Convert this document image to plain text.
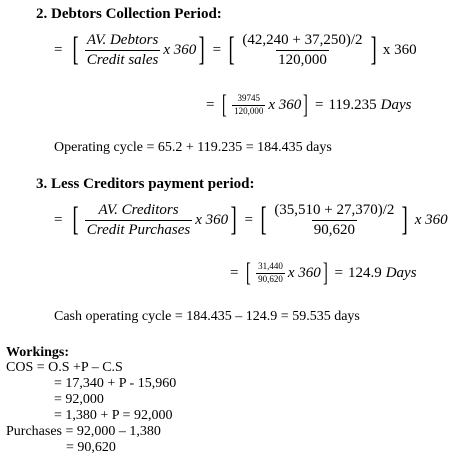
2. Debtors Collection Period:
= [ $\frac{\text{AV. Debtors}}{\text{Credit sales}}$ x 360 ] = [ $\frac{(42,240 + 37,250)/2}{120,000}$ ] x 360
= [ $\frac{39745}{120,000}$ x 360 ] = 119.235 Days
Operating cycle = 65.2 + 119.235 = 184.435 days
3. Less Creditors payment period:
= [ $\frac{\text{AV. Creditors}}{\text{Credit Purchases}}$ x 360 ] = [ $\frac{(35,510 + 27,370)/2}{90,620}$ ] x 360
= [ $\frac{31,440}{90,620}$ x 360 ] = 124.9 Days
Cash operating cycle = 184.435 – 124.9 = 59.535 days
Workings:
COS = O.S +P – C.S
= 17,340 + P - 15,960
= 92,000
= 1,380 + P = 92,000
Purchases = 92,000 – 1,380
= 90,620
